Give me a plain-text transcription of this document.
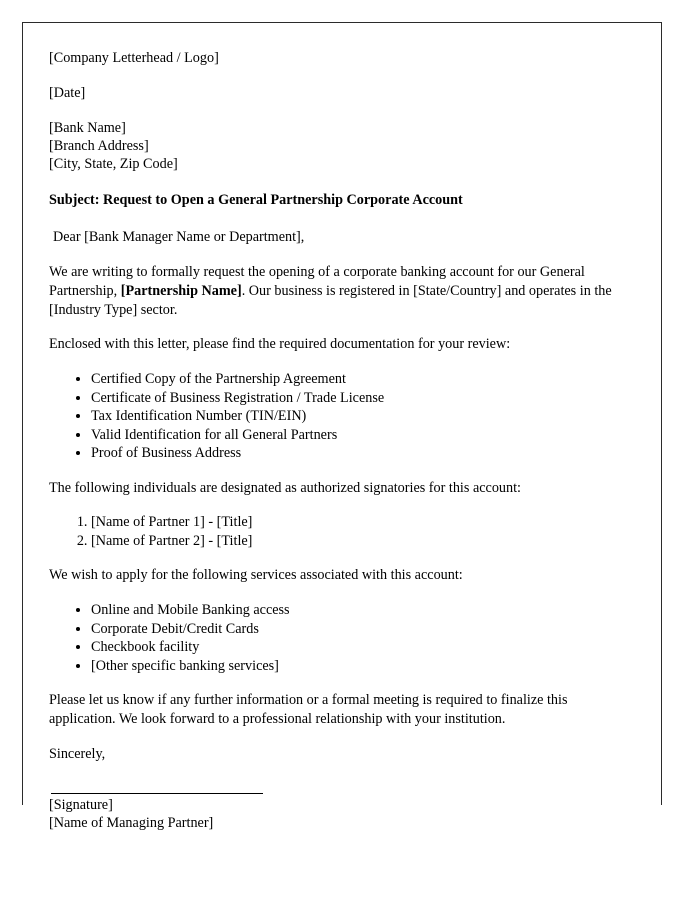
[Company Letterhead / Logo]
[Date]
[Bank Name]
[Branch Address]
[City, State, Zip Code]

Subject: Request to Open a General Partnership Corporate Account

Dear [Bank Manager Name or Department],

We are writing to formally request the opening of a corporate banking account for our General Partnership, [Partnership Name]. Our business is registered in [State/Country] and operates in the [Industry Type] sector.

Enclosed with this letter, please find the required documentation for your review:

• Certified Copy of the Partnership Agreement
• Certificate of Business Registration / Trade License
• Tax Identification Number (TIN/EIN)
• Valid Identification for all General Partners
• Proof of Business Address

The following individuals are designated as authorized signatories for this account:

1. [Name of Partner 1] - [Title]
2. [Name of Partner 2] - [Title]

We wish to apply for the following services associated with this account:

• Online and Mobile Banking access
• Corporate Debit/Credit Cards
• Checkbook facility
• [Other specific banking services]

Please let us know if any further information or a formal meeting is required to finalize this application. We look forward to a professional relationship with your institution.

Sincerely,

[Signature]

[Name of Managing Partner]
